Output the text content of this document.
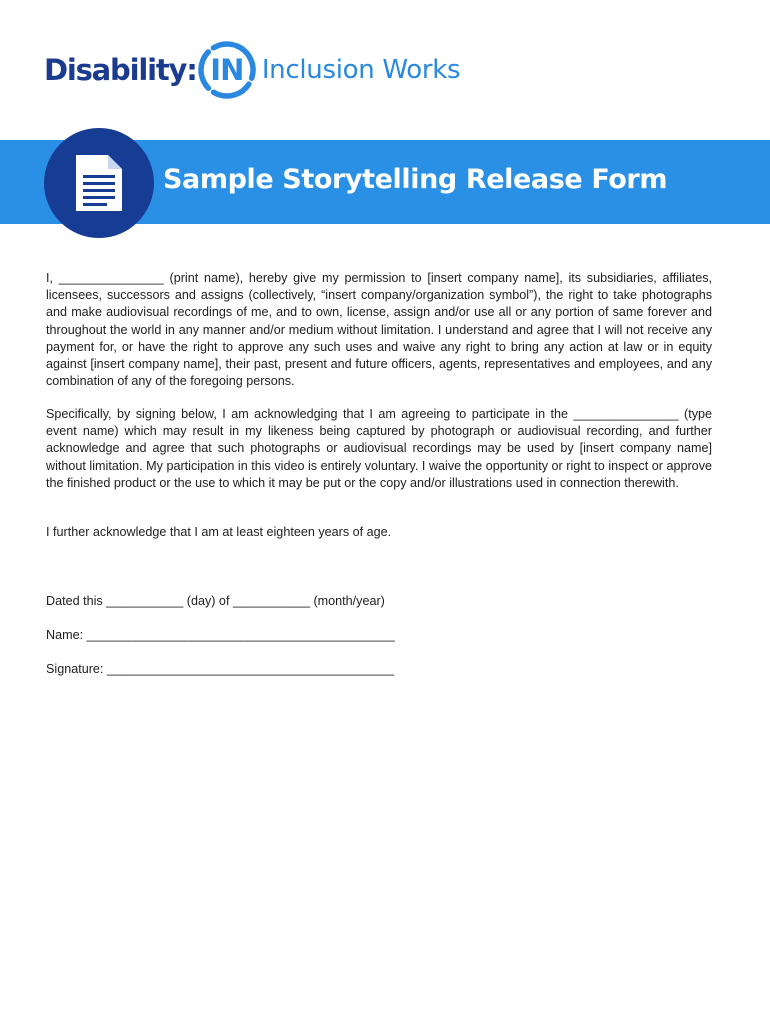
Disability : IN Inclusion Works
Sample Storytelling Release Form

I, _______________ (print name), hereby give my permission to [insert company name], its subsidiaries, affiliates, licensees, successors and assigns (collectively, “insert company/organization symbol”), the right to take photographs and make audiovisual recordings of me, and to own, license, assign and/or use all or any portion of same forever and throughout the world in any manner and/or medium without limitation. I understand and agree that I will not receive any payment for, or have the right to approve any such uses and waive any right to bring any action at law or in equity against [insert company name], their past, present and future officers, agents, representatives and employees, and any combination of any of the foregoing persons.

Specifically, by signing below, I am acknowledging that I am agreeing to participate in the _______________ (type event name) which may result in my likeness being captured by photograph or audiovisual recording, and further acknowledge and agree that such photographs or audiovisual recordings may be used by [insert company name] without limitation. My participation in this video is entirely voluntary. I waive the opportunity or right to inspect or approve the finished product or the use to which it may be put or the copy and/or illustrations used in connection therewith.

I further acknowledge that I am at least eighteen years of age.

Dated this ___________ (day) of ___________ (month/year)
Name: ____________________________________________
Signature: _________________________________________
